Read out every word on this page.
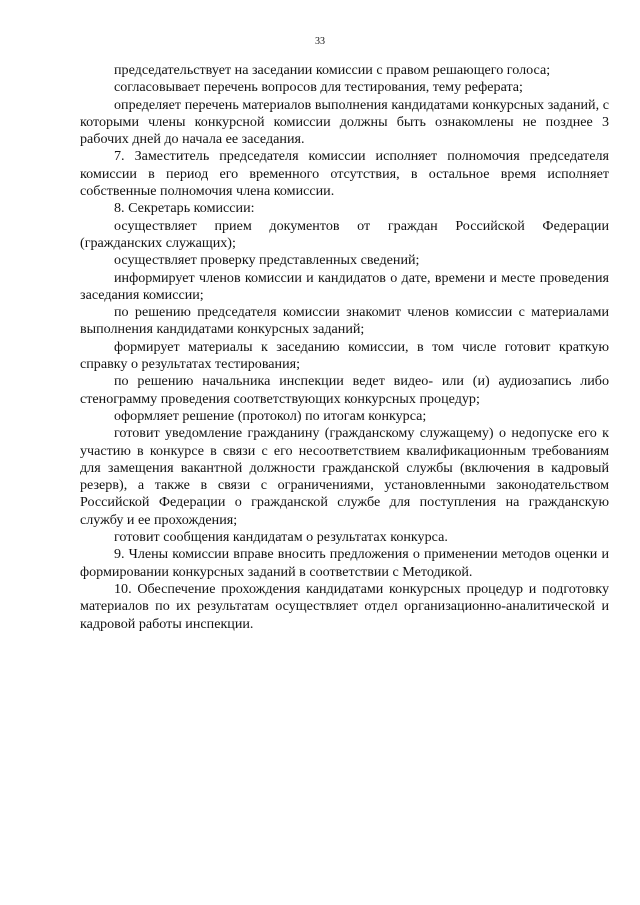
33

председательствует на заседании комиссии с правом решающего голоса;

согласовывает перечень вопросов для тестирования, тему реферата;

определяет перечень материалов выполнения кандидатами конкурсных заданий, с которыми члены конкурсной комиссии должны быть ознакомлены не позднее 3 рабочих дней до начала ее заседания.

7. Заместитель председателя комиссии исполняет полномочия председателя комиссии в период его временного отсутствия, в остальное время исполняет собственные полномочия члена комиссии.

8. Секретарь комиссии:

осуществляет прием документов от граждан Российской Федерации (гражданских служащих);

осуществляет проверку представленных сведений;

информирует членов комиссии и кандидатов о дате, времени и месте проведения заседания комиссии;

по решению председателя комиссии знакомит членов комиссии с материалами выполнения кандидатами конкурсных заданий;

формирует материалы к заседанию комиссии, в том числе готовит краткую справку о результатах тестирования;

по решению начальника инспекции ведет видео- или (и) аудиозапись либо стенограмму проведения соответствующих конкурсных процедур;

оформляет решение (протокол) по итогам конкурса;

готовит уведомление гражданину (гражданскому служащему) о недопуске его к участию в конкурсе в связи с его несоответствием квалификационным требованиям для замещения вакантной должности гражданской службы (включения в кадровый резерв), а также в связи с ограничениями, установленными законодательством Российской Федерации о гражданской службе для поступления на гражданскую службу и ее прохождения;

готовит сообщения кандидатам о результатах конкурса.

9. Члены комиссии вправе вносить предложения о применении методов оценки и формировании конкурсных заданий в соответствии с Методикой.

10. Обеспечение прохождения кандидатами конкурсных процедур и подготовку материалов по их результатам осуществляет отдел организационно-аналитической и кадровой работы инспекции.
